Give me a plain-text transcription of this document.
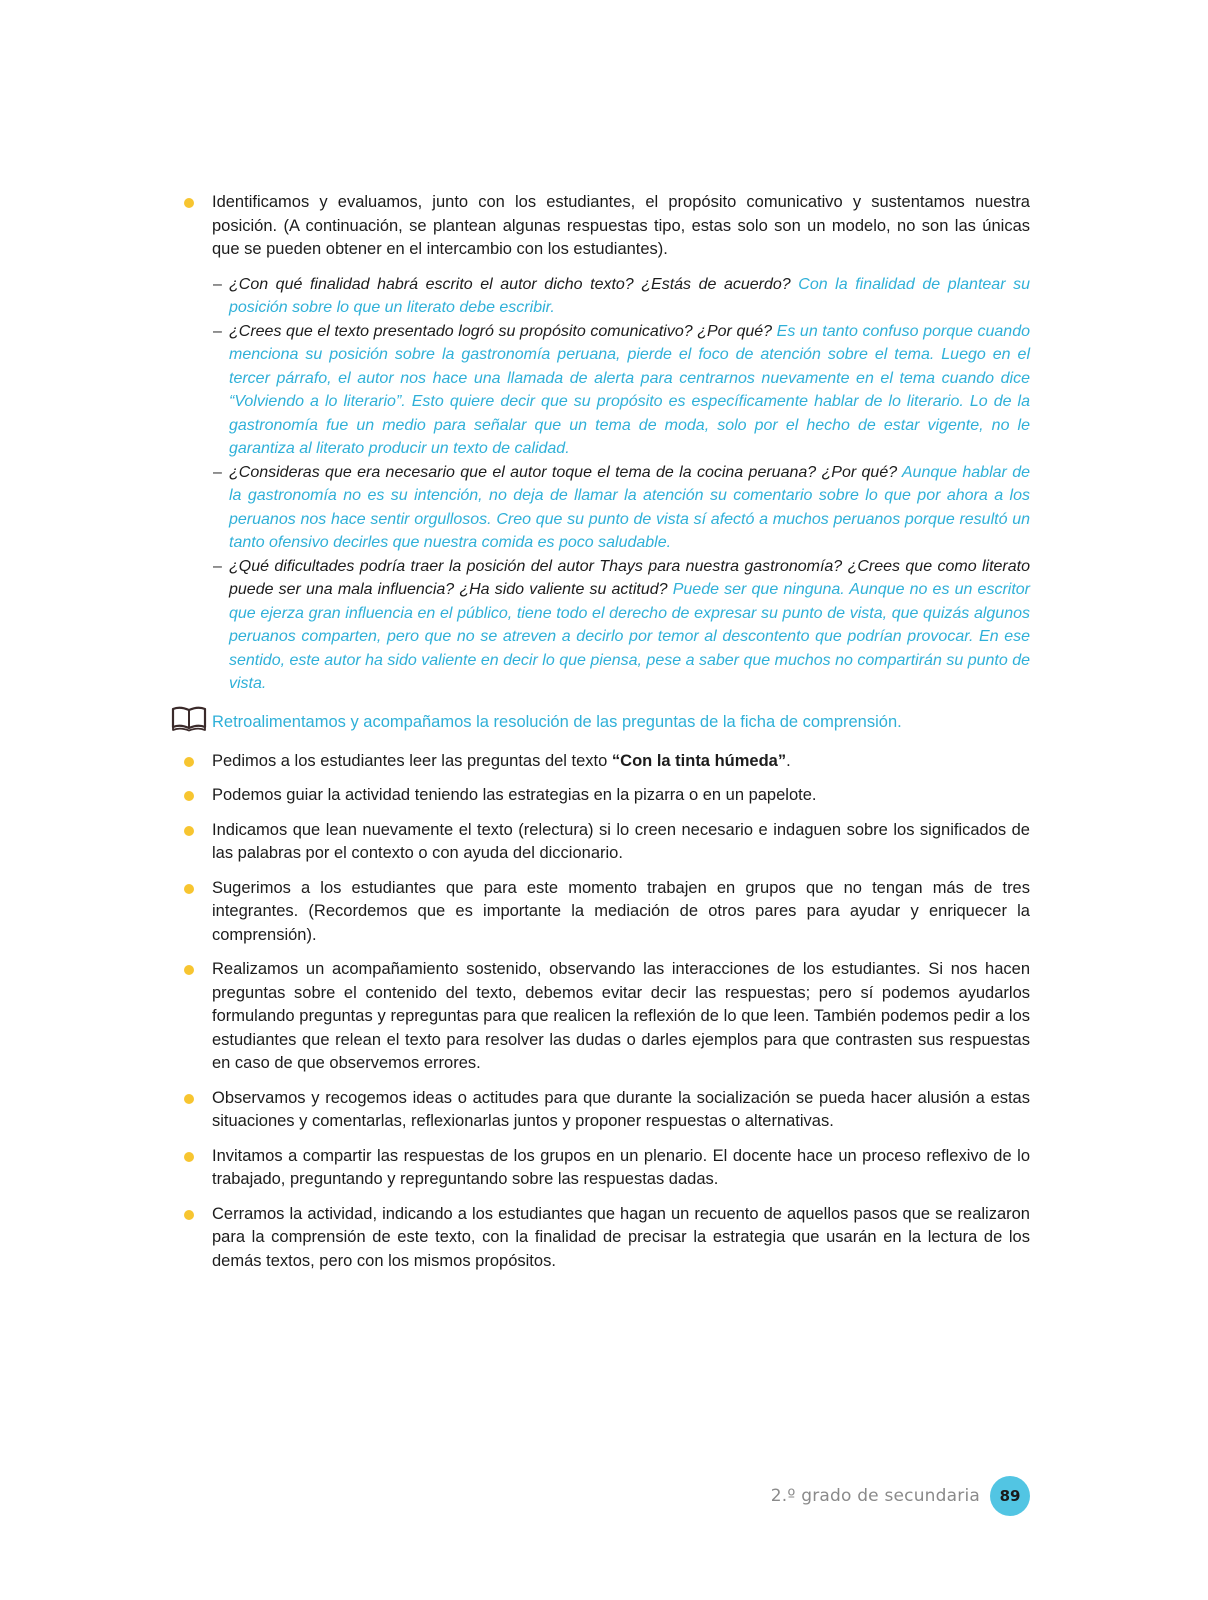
Identificamos y evaluamos, junto con los estudiantes, el propósito comunicativo y sustentamos nuestra posición. (A continuación, se plantean algunas respuestas tipo, estas solo son un modelo, no son las únicas que se pueden obtener en el intercambio con los estudiantes).
– ¿Con qué finalidad habrá escrito el autor dicho texto? ¿Estás de acuerdo? Con la finalidad de plantear su posición sobre lo que un literato debe escribir.
– ¿Crees que el texto presentado logró su propósito comunicativo? ¿Por qué? Es un tanto confuso porque cuando menciona su posición sobre la gastronomía peruana, pierde el foco de atención sobre el tema. Luego en el tercer párrafo, el autor nos hace una llamada de alerta para centrarnos nuevamente en el tema cuando dice “Volviendo a lo literario”. Esto quiere decir que su propósito es específicamente hablar de lo literario. Lo de la gastronomía fue un medio para señalar que un tema de moda, solo por el hecho de estar vigente, no le garantiza al literato producir un texto de calidad.
– ¿Consideras que era necesario que el autor toque el tema de la cocina peruana? ¿Por qué? Aunque hablar de la gastronomía no es su intención, no deja de llamar la atención su comentario sobre lo que por ahora a los peruanos nos hace sentir orgullosos. Creo que su punto de vista sí afectó a muchos peruanos porque resultó un tanto ofensivo decirles que nuestra comida es poco saludable.
– ¿Qué dificultades podría traer la posición del autor Thays para nuestra gastronomía? ¿Crees que como literato puede ser una mala influencia? ¿Ha sido valiente su actitud? Puede ser que ninguna. Aunque no es un escritor que ejerza gran influencia en el público, tiene todo el derecho de expresar su punto de vista, que quizás algunos peruanos comparten, pero que no se atreven a decirlo por temor al descontento que podrían provocar. En ese sentido, este autor ha sido valiente en decir lo que piensa, pese a saber que muchos no compartirán su punto de vista.
Retroalimentamos y acompañamos la resolución de las preguntas de la ficha de comprensión.
Pedimos a los estudiantes leer las preguntas del texto “Con la tinta húmeda”.
Podemos guiar la actividad teniendo las estrategias en la pizarra o en un papelote.
Indicamos que lean nuevamente el texto (relectura) si lo creen necesario e indaguen sobre los significados de las palabras por el contexto o con ayuda del diccionario.
Sugerimos a los estudiantes que para este momento trabajen en grupos que no tengan más de tres integrantes. (Recordemos que es importante la mediación de otros pares para ayudar y enriquecer la comprensión).
Realizamos un acompañamiento sostenido, observando las interacciones de los estudiantes. Si nos hacen preguntas sobre el contenido del texto, debemos evitar decir las respuestas; pero sí podemos ayudarlos formulando preguntas y repreguntas para que realicen la reflexión de lo que leen. También podemos pedir a los estudiantes que relean el texto para resolver las dudas o darles ejemplos para que contrasten sus respuestas en caso de que observemos errores.
Observamos y recogemos ideas o actitudes para que durante la socialización se pueda hacer alusión a estas situaciones y comentarlas, reflexionarlas juntos y proponer respuestas o alternativas.
Invitamos a compartir las respuestas de los grupos en un plenario. El docente hace un proceso reflexivo de lo trabajado, preguntando y repreguntando sobre las respuestas dadas.
Cerramos la actividad, indicando a los estudiantes que hagan un recuento de aquellos pasos que se realizaron para la comprensión de este texto, con la finalidad de precisar la estrategia que usarán en la lectura de los demás textos, pero con los mismos propósitos.
2.º grado de secundaria	89
